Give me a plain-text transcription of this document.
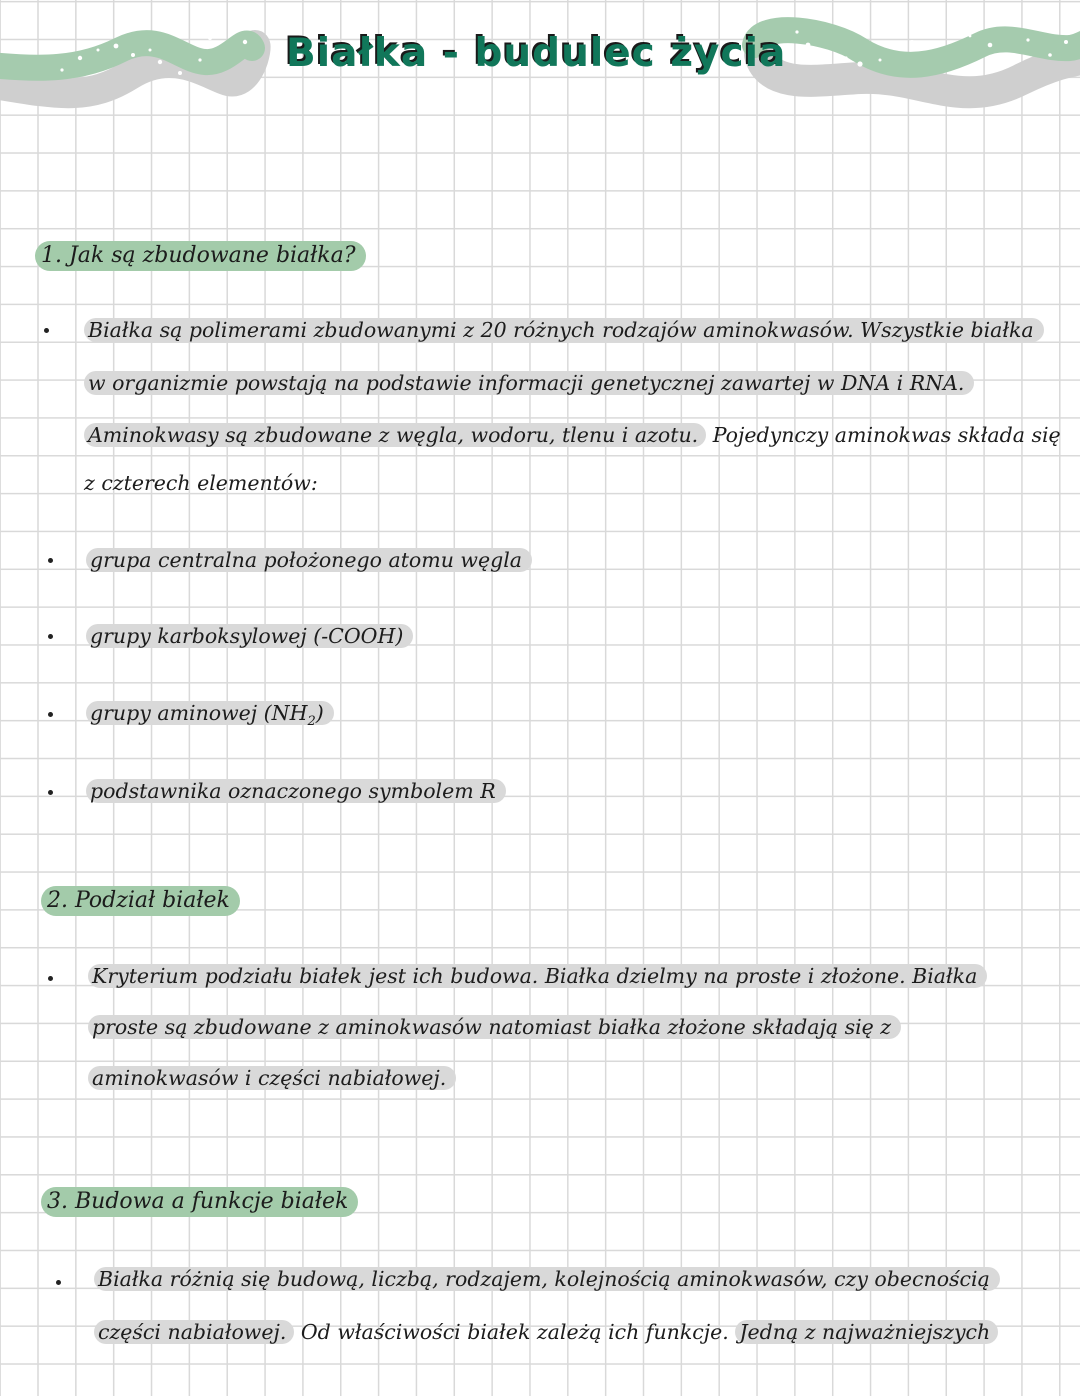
Białka - budulec życia
1. Jak są zbudowane białka?

Białka są polimerami zbudowanymi z 20 różnych rodzajów aminokwasów. Wszystkie białka

w organizmie powstają na podstawie informacji genetycznej zawartej w DNA i RNA.

Aminokwasy są zbudowane z węgla, wodoru, tlenu i azotu. Pojedynczy aminokwas składa się

z czterech elementów:

grupa centralna położonego atomu węgla

grupy karboksylowej (-COOH)

grupy aminowej $(NH_2)$

podstawnika oznaczonego symbolem R

2. Podział białek

Kryterium podziału białek jest ich budowa. Białka dzielmy na proste i złożone. Białka

proste są zbudowane z aminokwasów natomiast białka złożone składają się z

aminokwasów i części nabiałowej.

3. Budowa a funkcje białek

Białka różnią się budową, liczbą, rodzajem, kolejnością aminokwasów, czy obecnością

części nabiałowej. Od właściwości białek zależą ich funkcje. Jedną z najważniejszych
